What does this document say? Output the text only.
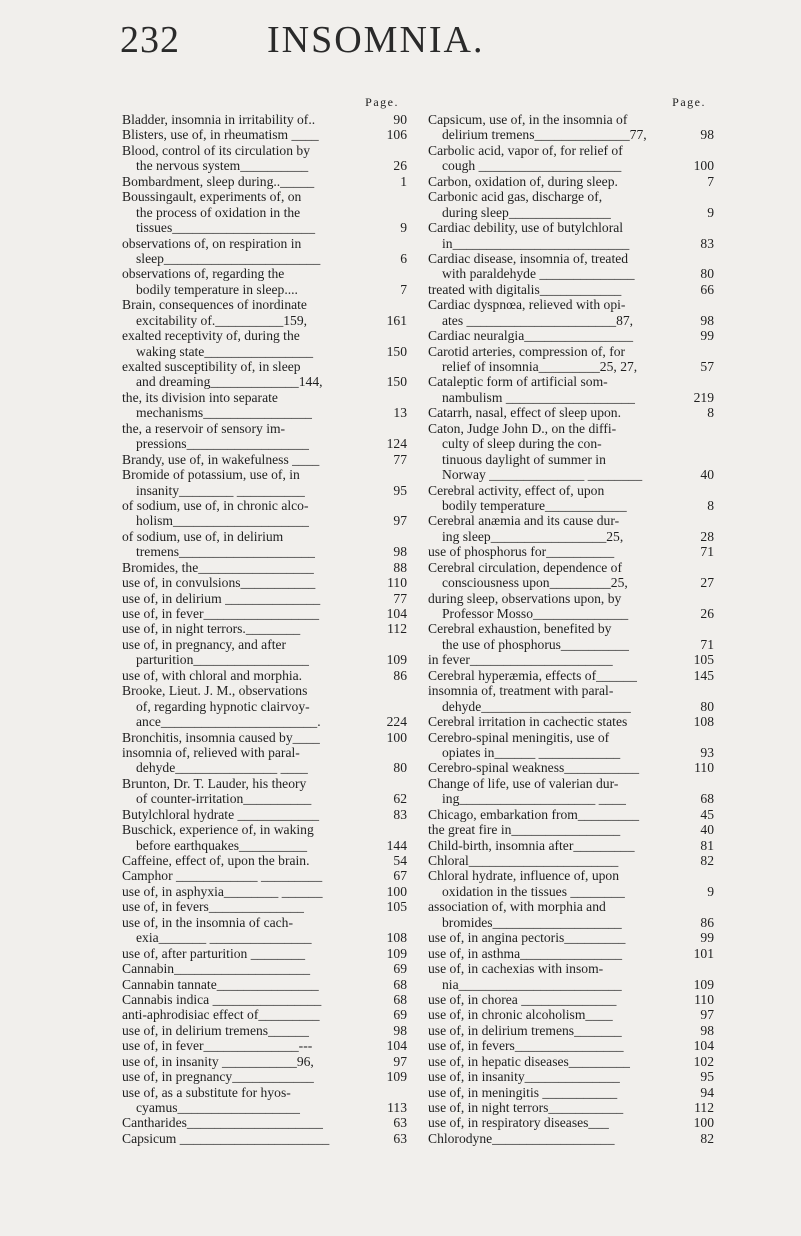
232 INSOMNIA.
Page.
Bladder, insomnia in irritability of..	90
Blisters, use of, in rheumatism ____	106
Blood, control of its circulation by
the nervous system__________	26
Bombardment, sleep during.._____	1
Boussingault, experiments of, on
the process of oxidation in the
tissues_____________________	9
observations of, on respiration in
sleep_______________________	6
observations of, regarding the
bodily temperature in sleep....	7
Brain, consequences of inordinate
excitability of.__________159,	161
exalted receptivity of, during the
waking state________________	150
exalted susceptibility of, in sleep
and dreaming_____________144,	150
the, its division into separate
mechanisms________________	13
the, a reservoir of sensory im-
pressions__________________	124
Brandy, use of, in wakefulness ____	77
Bromide of potassium, use of, in
insanity________ __________	95
of sodium, use of, in chronic alco-
holism____________________	97
of sodium, use of, in delirium
tremens____________________	98
Bromides, the_________________	88
use of, in convulsions___________	110
use of, in delirium ______________	77
use of, in fever_________________	104
use of, in night terrors.________	112
use of, in pregnancy, and after
parturition_________________	109
use of, with chloral and morphia.	86
Brooke, Lieut. J. M., observations
of, regarding hypnotic clairvoy-
ance_______________________.	224
Bronchitis, insomnia caused by____	100
insomnia of, relieved with paral-
dehyde_______________ ____	80
Brunton, Dr. T. Lauder, his theory
of counter-irritation__________	62
Butylchloral hydrate ____________	83
Buschick, experience of, in waking
before earthquakes__________	144
Caffeine, effect of, upon the brain.	54
Camphor ____________ _________	67
use of, in asphyxia________ ______	100
use of, in fevers______________	105
use of, in the insomnia of cach-
exia_______ _______________	108
use of, after parturition ________	109
Cannabin____________________	69
Cannabin tannate_______________	68
Cannabis indica ________________	68
anti-aphrodisiac effect of_________	69
use of, in delirium tremens______	98
use of, in fever______________---	104
use of, in insanity ___________96,	97
use of, in pregnancy____________	109
use of, as a substitute for hyos-
cyamus__________________	113
Cantharides____________________	63
Capsicum ______________________	63
Page.
Capsicum, use of, in the insomnia of
delirium tremens______________77,	98
Carbolic acid, vapor of, for relief of
cough _____________________	100
Carbon, oxidation of, during sleep.	7
Carbonic acid gas, discharge of,
during sleep_______________	9
Cardiac debility, use of butylchloral
in__________________________	83
Cardiac disease, insomnia of, treated
with paraldehyde ______________	80
treated with digitalis____________	66
Cardiac dyspnœa, relieved with opi-
ates ______________________87,	98
Cardiac neuralgia________________	99
Carotid arteries, compression of, for
relief of insomnia_________25, 27,	57
Cataleptic form of artificial som-
nambulism ___________________	219
Catarrh, nasal, effect of sleep upon.	8
Caton, Judge John D., on the diffi-
culty of sleep during the con-
tinuous daylight of summer in
Norway ______________ ________	40
Cerebral activity, effect of, upon
bodily temperature____________	8
Cerebral anæmia and its cause dur-
ing sleep_________________25,	28
use of phosphorus for__________	71
Cerebral circulation, dependence of
consciousness upon_________25,	27
during sleep, observations upon, by
Professor Mosso______________	26
Cerebral exhaustion, benefited by
the use of phosphorus__________	71
in fever_____________________	105
Cerebral hyperæmia, effects of______	145
insomnia of, treatment with paral-
dehyde______________________	80
Cerebral irritation in cachectic states	108
Cerebro-spinal meningitis, use of
opiates in______ ____________	93
Cerebro-spinal weakness___________	110
Change of life, use of valerian dur-
ing____________________ ____	68
Chicago, embarkation from_________	45
the great fire in________________	40
Child-birth, insomnia after_________	81
Chloral______________________	82
Chloral hydrate, influence of, upon
oxidation in the tissues ________	9
association of, with morphia and
bromides___________________	86
use of, in angina pectoris_________	99
use of, in asthma_______________	101
use of, in cachexias with insom-
nia________________________	109
use of, in chorea ______________	110
use of, in chronic alcoholism____	97
use of, in delirium tremens_______	98
use of, in fevers________________	104
use of, in hepatic diseases_________	102
use of, in insanity______________	95
use of, in meningitis ___________	94
use of, in night terrors___________	112
use of, in respiratory diseases___	100
Chlorodyne__________________	82
